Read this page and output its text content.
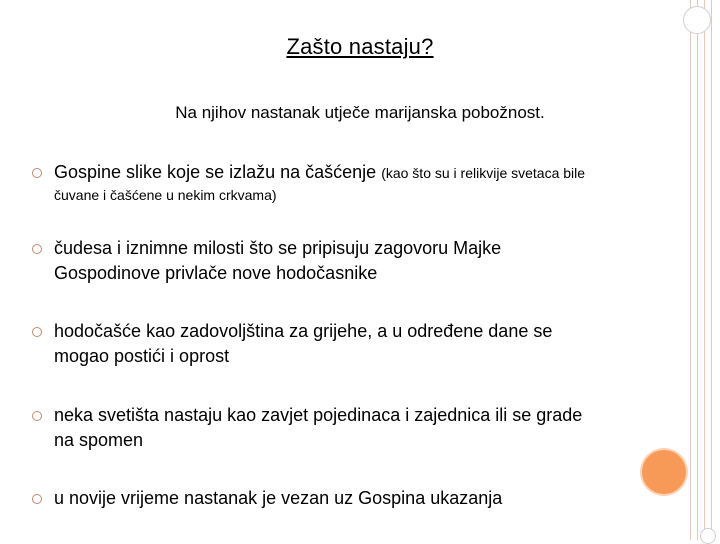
Zašto nastaju?
Na njihov nastanak utječe marijanska pobožnost.
Gospine slike koje se izlažu na čašćenje (kao što su i relikvije svetaca bile
čuvane i čašćene u nekim crkvama)
čudesa i iznimne milosti što se pripisuju zagovoru Majke
Gospodinove privlače nove hodočasnike
hodočašće kao zadovoljština za grijehe, a u određene dane se
mogao postići i oprost
neka svetišta nastaju kao zavjet pojedinaca i zajednica ili se grade
na spomen
u novije vrijeme nastanak je vezan uz Gospina ukazanja
